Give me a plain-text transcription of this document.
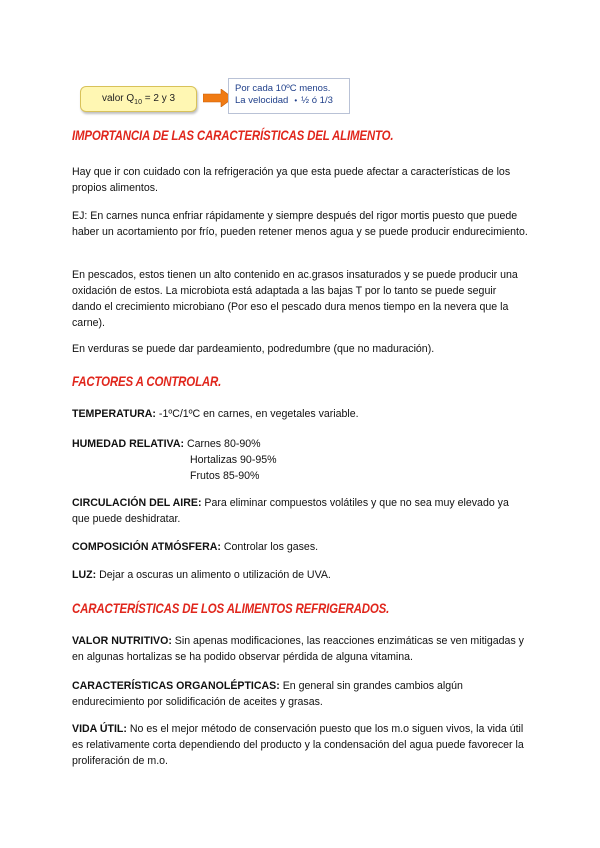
valor $Q_{10} = 2$ y 3
Por cada 10ºC menos.
La velocidad • ½ ó 1/3
IMPORTANCIA DE LAS CARACTERÍSTICAS DEL ALIMENTO.

Hay que ir con cuidado con la refrigeración ya que esta puede afectar a características de los propios alimentos.

EJ: En carnes nunca enfriar rápidamente y siempre después del rigor mortis puesto que puede haber un acortamiento por frío, pueden retener menos agua y se puede producir endurecimiento.

En pescados, estos tienen un alto contenido en ac.grasos insaturados y se puede producir una oxidación de estos. La microbiota está adaptada a las bajas T por lo tanto se puede seguir dando el crecimiento microbiano (Por eso el pescado dura menos tiempo en la nevera que la carne).

En verduras se puede dar pardeamiento, podredumbre (que no maduración).

FACTORES A CONTROLAR.

TEMPERATURA: -1ºC/1ºC en carnes, en vegetales variable.

HUMEDAD RELATIVA: Carnes 80-90%
Hortalizas 90-95%
Frutos 85-90%

CIRCULACIÓN DEL AIRE: Para eliminar compuestos volátiles y que no sea muy elevado ya que puede deshidratar.

COMPOSICIÓN ATMÓSFERA: Controlar los gases.

LUZ: Dejar a oscuras un alimento o utilización de UVA.

CARACTERÍSTICAS DE LOS ALIMENTOS REFRIGERADOS.

VALOR NUTRITIVO: Sin apenas modificaciones, las reacciones enzimáticas se ven mitigadas y en algunas hortalizas se ha podido observar pérdida de alguna vitamina.

CARACTERÍSTICAS ORGANOLÉPTICAS: En general sin grandes cambios algún endurecimiento por solidificación de aceites y grasas.

VIDA ÚTIL: No es el mejor método de conservación puesto que los m.o siguen vivos, la vida útil es relativamente corta dependiendo del producto y la condensación del agua puede favorecer la proliferación de m.o.
